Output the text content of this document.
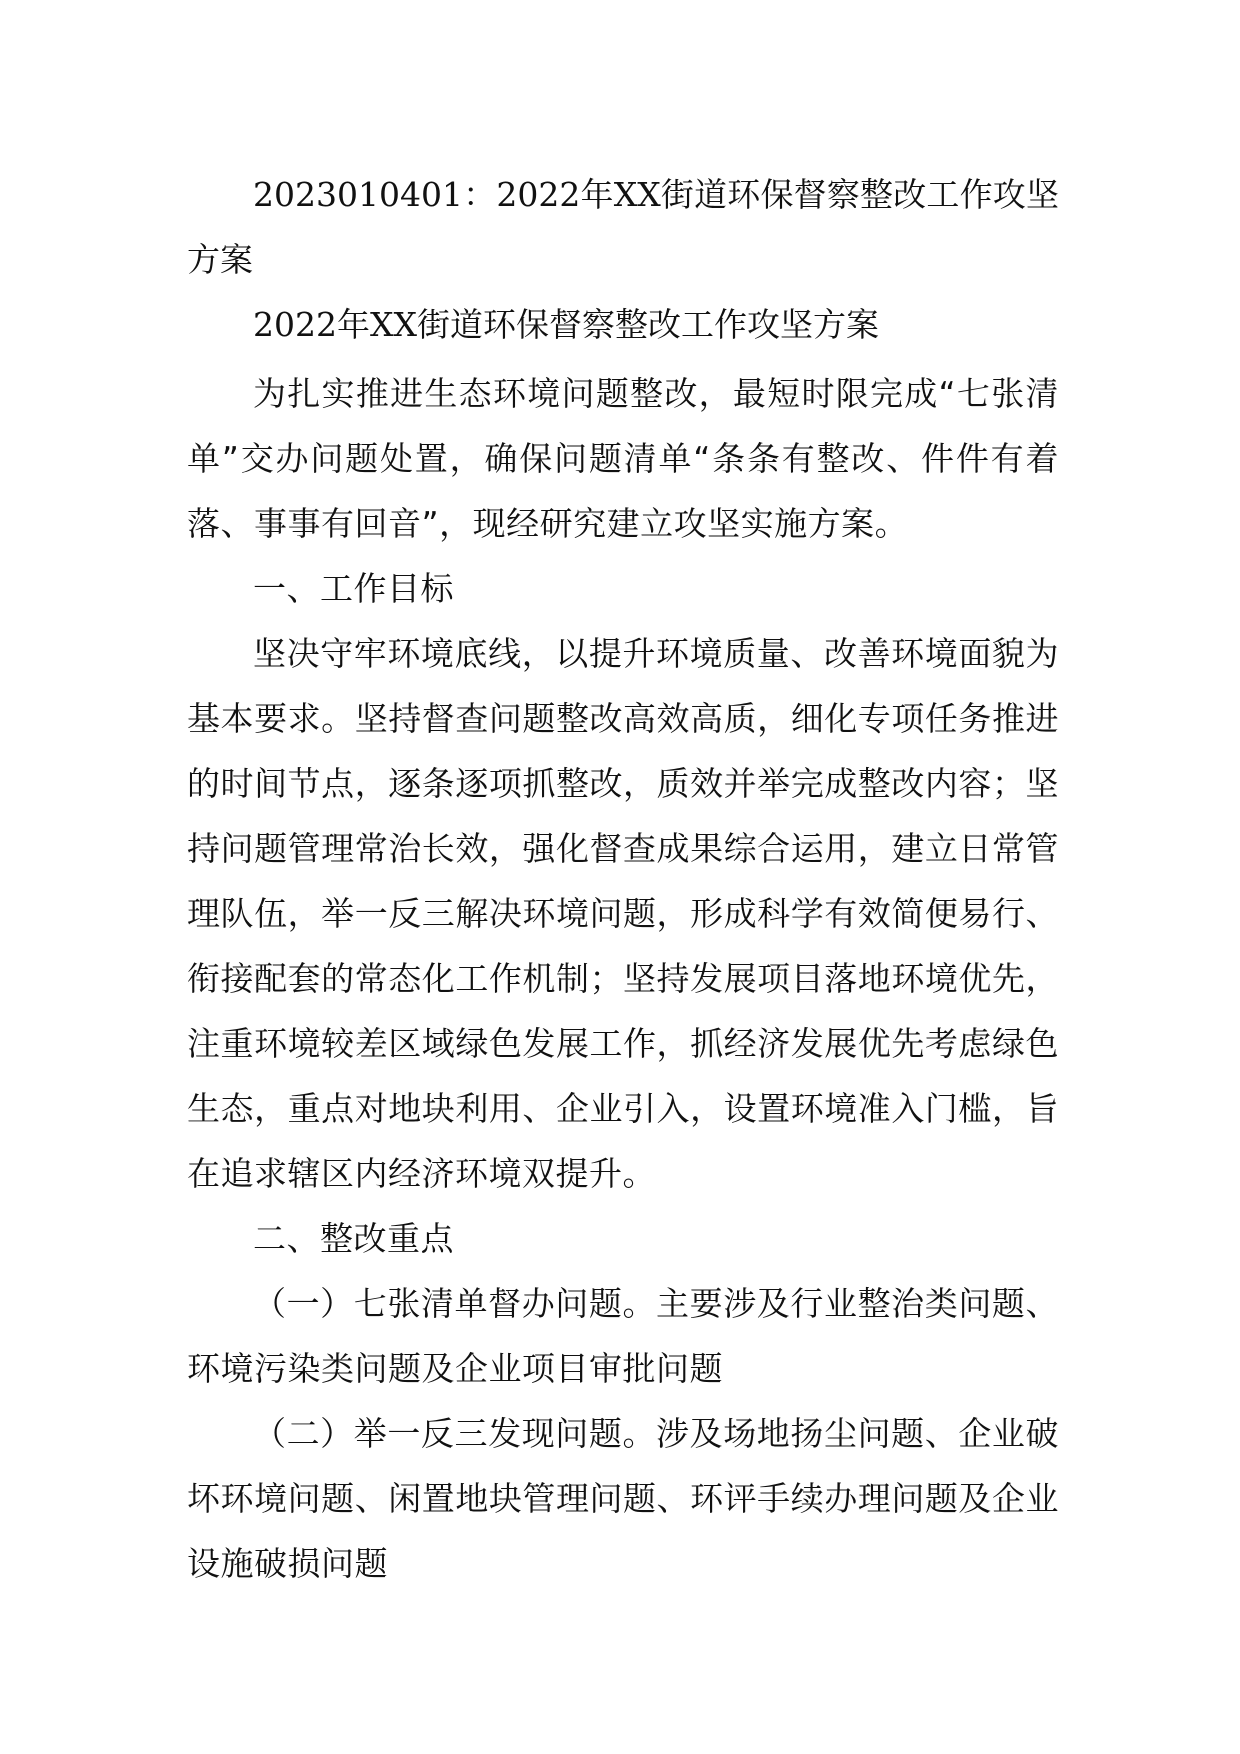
2023010401：2022年XX街道环保督察整改工作攻坚方案

2022年XX街道环保督察整改工作攻坚方案

为扎实推进生态环境问题整改，最短时限完成“七张清单”交办问题处置，确保问题清单“条条有整改、件件有着落、事事有回音”，现经研究建立攻坚实施方案。

一、工作目标

坚决守牢环境底线，以提升环境质量、改善环境面貌为基本要求。坚持督查问题整改高效高质，细化专项任务推进的时间节点，逐条逐项抓整改，质效并举完成整改内容；坚持问题管理常治长效，强化督查成果综合运用，建立日常管理队伍，举一反三解决环境问题，形成科学有效简便易行、衔接配套的常态化工作机制；坚持发展项目落地环境优先，注重环境较差区域绿色发展工作，抓经济发展优先考虑绿色生态，重点对地块利用、企业引入，设置环境准入门槛，旨在追求辖区内经济环境双提升。

二、整改重点

（一）七张清单督办问题。主要涉及行业整治类问题、环境污染类问题及企业项目审批问题

（二）举一反三发现问题。涉及场地扬尘问题、企业破坏环境问题、闲置地块管理问题、环评手续办理问题及企业设施破损问题
